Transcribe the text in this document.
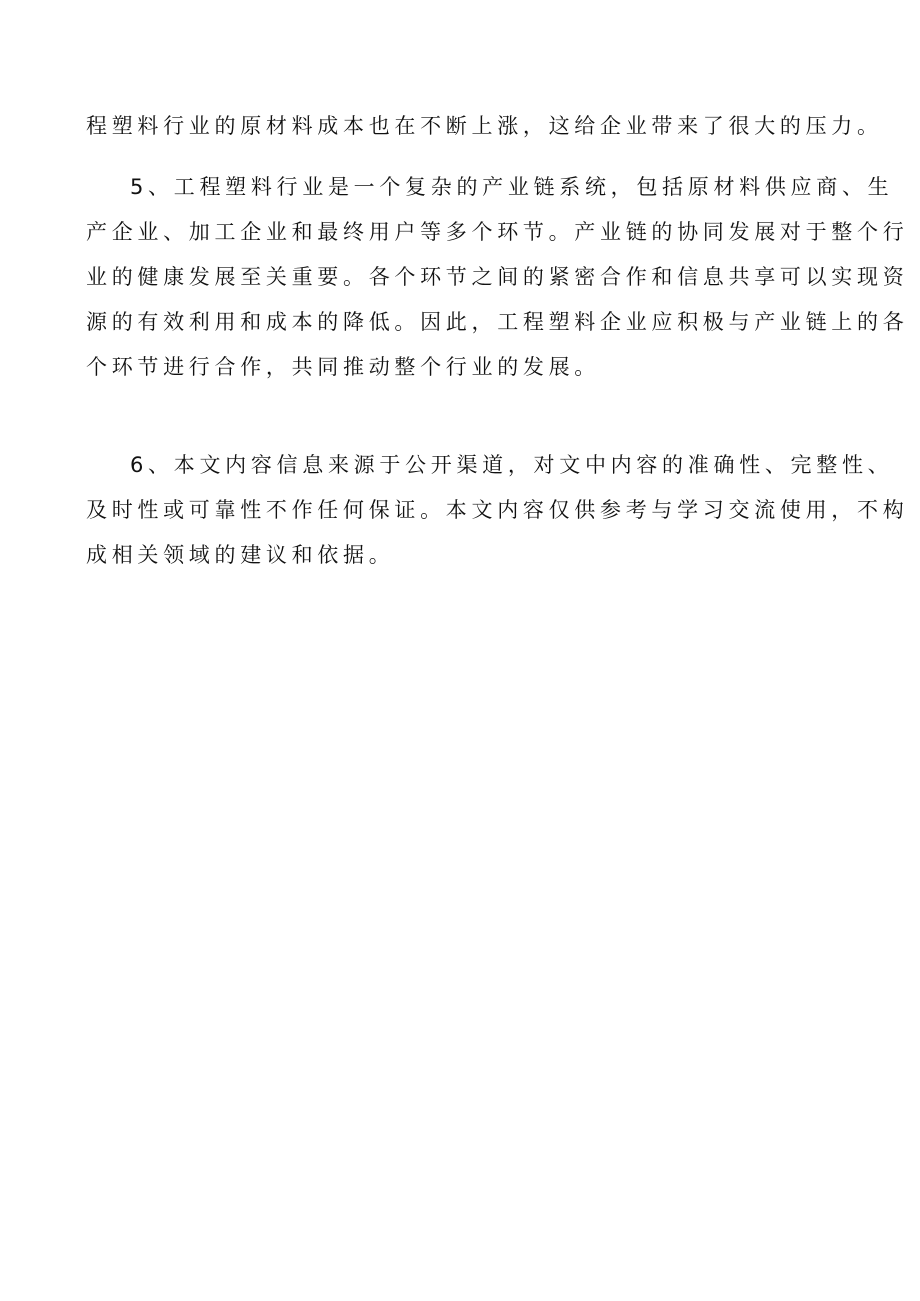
程塑料行业的原材料成本也在不断上涨，这给企业带来了很大的压力。
5、工程塑料行业是一个复杂的产业链系统，包括原材料供应商、生
产企业、加工企业和最终用户等多个环节。产业链的协同发展对于整个行
业的健康发展至关重要。各个环节之间的紧密合作和信息共享可以实现资
源的有效利用和成本的降低。因此，工程塑料企业应积极与产业链上的各
个环节进行合作，共同推动整个行业的发展。
6、本文内容信息来源于公开渠道，对文中内容的准确性、完整性、
及时性或可靠性不作任何保证。本文内容仅供参考与学习交流使用，不构
成相关领域的建议和依据。
